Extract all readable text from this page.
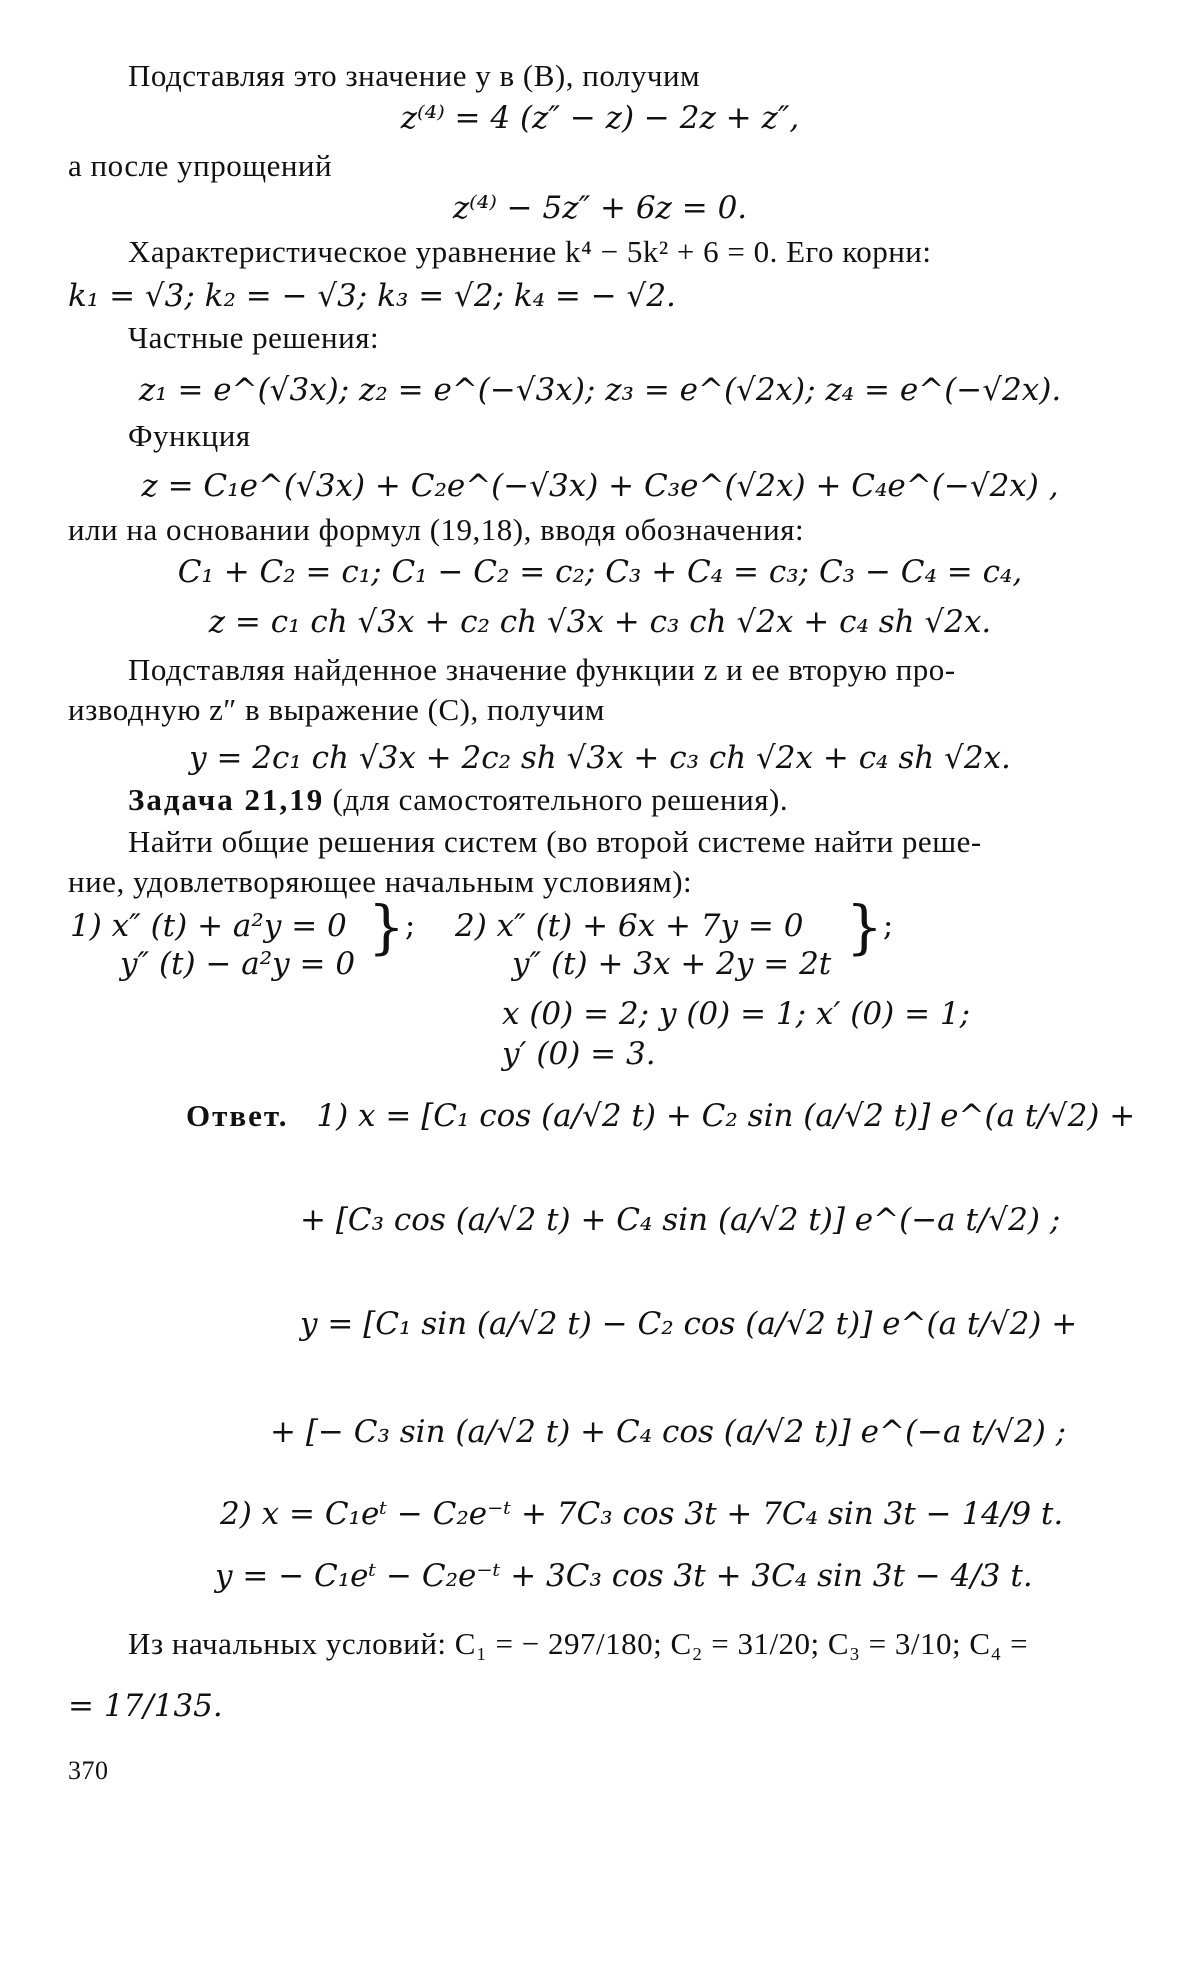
Подставляя это значение y в (B), получим
z⁽⁴⁾ = 4 (z″ − z) − 2z + z″,
а после упрощений
z⁽⁴⁾ − 5z″ + 6z = 0.
Характеристическое уравнение k⁴ − 5k² + 6 = 0. Его корни:
k₁ = √3; k₂ = − √3; k₃ = √2; k₄ = − √2.
Частные решения:
z₁ = e^(√3x); z₂ = e^(−√3x); z₃ = e^(√2x); z₄ = e^(−√2x).
Функция
z = C₁e^(√3x) + C₂e^(−√3x) + C₃e^(√2x) + C₄e^(−√2x) ,
или на основании формул (19,18), вводя обозначения:
C₁ + C₂ = c₁; C₁ − C₂ = c₂; C₃ + C₄ = c₃; C₃ − C₄ = c₄,
z = c₁ ch √3x + c₂ ch √3x + c₃ ch √2x + c₄ sh √2x.
Подставляя найденное значение функции z и ее вторую про-
изводную z″ в выражение (C), получим
y = 2c₁ ch √3x + 2c₂ sh √3x + c₃ ch √2x + c₄ sh √2x.
Задача 21,19 (для самостоятельного решения).
Найти общие решения систем (во второй системе найти реше-
ние, удовлетворяющее начальным условиям):
1) x″ (t) + a²y = 0
y″ (t) − a²y = 0
}; 2) x″ (t) + 6x + 7y = 0
y″ (t) + 3x + 2y = 2t
};
x (0) = 2; y (0) = 1; x′ (0) = 1;
y′ (0) = 3.
Ответ. 1) x = [C₁ cos (a/√2 t) + C₂ sin (a/√2 t)] e^(a t/√2) +
+ [C₃ cos (a/√2 t) + C₄ sin (a/√2 t)] e^(−a t/√2) ;
y = [C₁ sin (a/√2 t) − C₂ cos (a/√2 t)] e^(a t/√2) +
+ [− C₃ sin (a/√2 t) + C₄ cos (a/√2 t)] e^(−a t/√2) ;
2) x = C₁eᵗ − C₂e⁻ᵗ + 7C₃ cos 3t + 7C₄ sin 3t − 14/9 t.
y = − C₁eᵗ − C₂e⁻ᵗ + 3C₃ cos 3t + 3C₄ sin 3t − 4/3 t.
Из начальных условий: C₁ = − 297/180; C₂ = 31/20; C₃ = 3/10; C₄ =
= 17/135.
370
